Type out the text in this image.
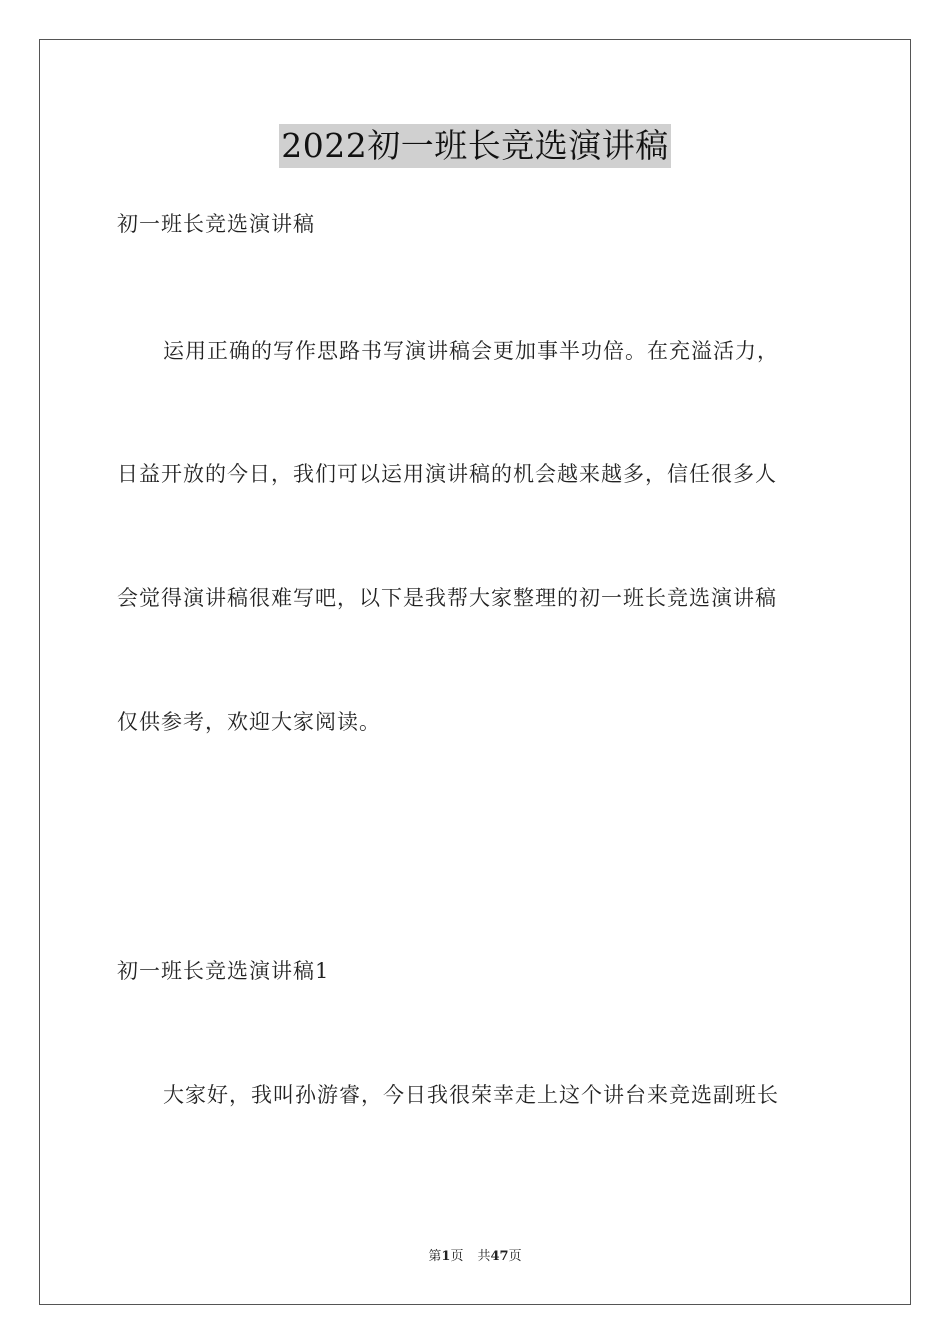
2022初一班长竞选演讲稿
初一班长竞选演讲稿
运用正确的写作思路书写演讲稿会更加事半功倍。在充溢活力，
日益开放的今日，我们可以运用演讲稿的机会越来越多，信任很多人
会觉得演讲稿很难写吧，以下是我帮大家整理的初一班长竞选演讲稿
仅供参考，欢迎大家阅读。
初一班长竞选演讲稿1
大家好，我叫孙游睿，今日我很荣幸走上这个讲台来竞选副班长
第1页 共47页
